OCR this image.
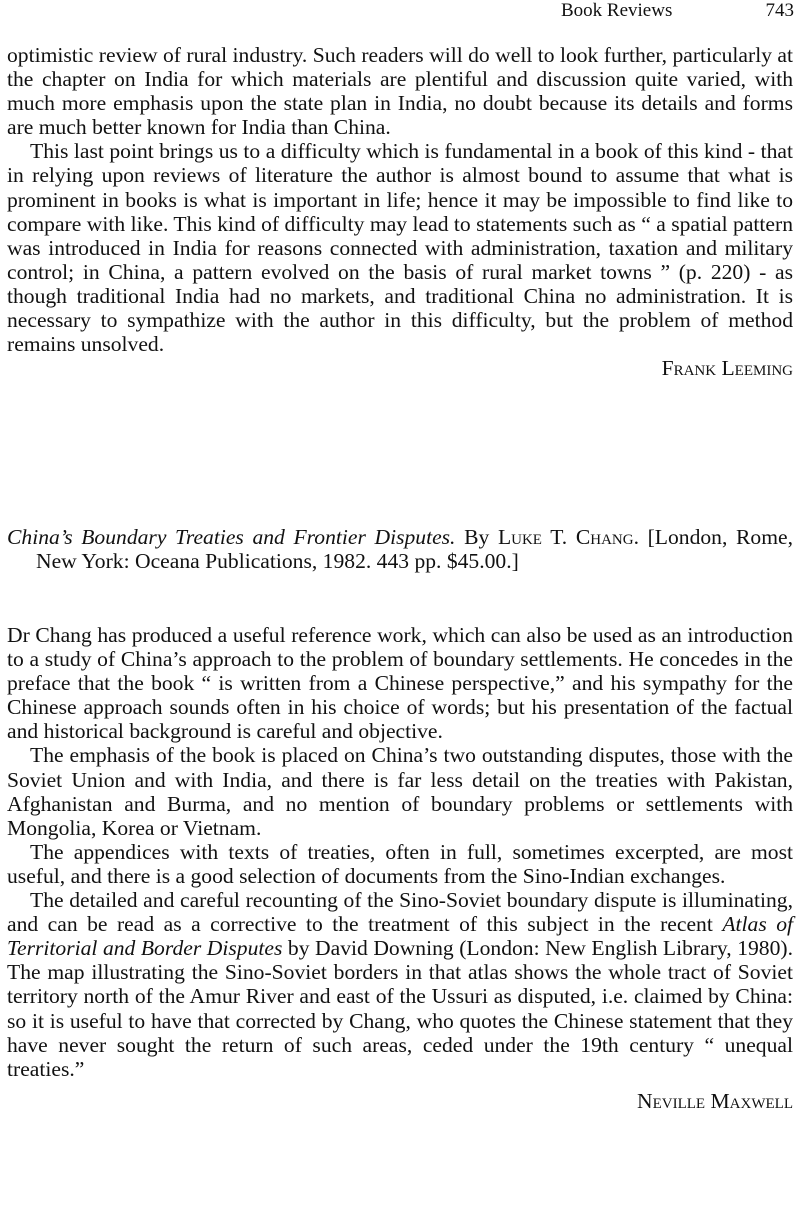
Book Reviews	743

optimistic review of rural industry. Such readers will do well to look further, particularly at the chapter on India for which materials are plentiful and discussion quite varied, with much more emphasis upon the state plan in India, no doubt because its details and forms are much better known for India than China.

This last point brings us to a difficulty which is fundamental in a book of this kind - that in relying upon reviews of literature the author is almost bound to assume that what is prominent in books is what is important in life; hence it may be impossible to find like to compare with like. This kind of difficulty may lead to statements such as “ a spatial pattern was introduced in India for reasons connected with administration, taxation and military control; in China, a pattern evolved on the basis of rural market towns ” (p. 220) - as though traditional India had no markets, and traditional China no administration. It is necessary to sympathize with the author in this difficulty, but the problem of method remains unsolved.

Frank Leeming

China’s Boundary Treaties and Frontier Disputes. By Luke T. Chang. [London, Rome, New York: Oceana Publications, 1982. 443 pp. $45.00.]

Dr Chang has produced a useful reference work, which can also be used as an introduction to a study of China’s approach to the problem of boundary settlements. He concedes in the preface that the book “ is written from a Chinese perspective,” and his sympathy for the Chinese approach sounds often in his choice of words; but his presentation of the factual and historical background is careful and objective.

The emphasis of the book is placed on China’s two outstanding disputes, those with the Soviet Union and with India, and there is far less detail on the treaties with Pakistan, Afghanistan and Burma, and no mention of boundary problems or settlements with Mongolia, Korea or Vietnam.

The appendices with texts of treaties, often in full, sometimes excerpted, are most useful, and there is a good selection of documents from the Sino-Indian exchanges.

The detailed and careful recounting of the Sino-Soviet boundary dispute is illuminating, and can be read as a corrective to the treatment of this subject in the recent Atlas of Territorial and Border Disputes by David Downing (London: New English Library, 1980). The map illustrating the Sino-Soviet borders in that atlas shows the whole tract of Soviet territory north of the Amur River and east of the Ussuri as disputed, i.e. claimed by China: so it is useful to have that corrected by Chang, who quotes the Chinese statement that they have never sought the return of such areas, ceded under the 19th century “ unequal treaties.”

Neville Maxwell
